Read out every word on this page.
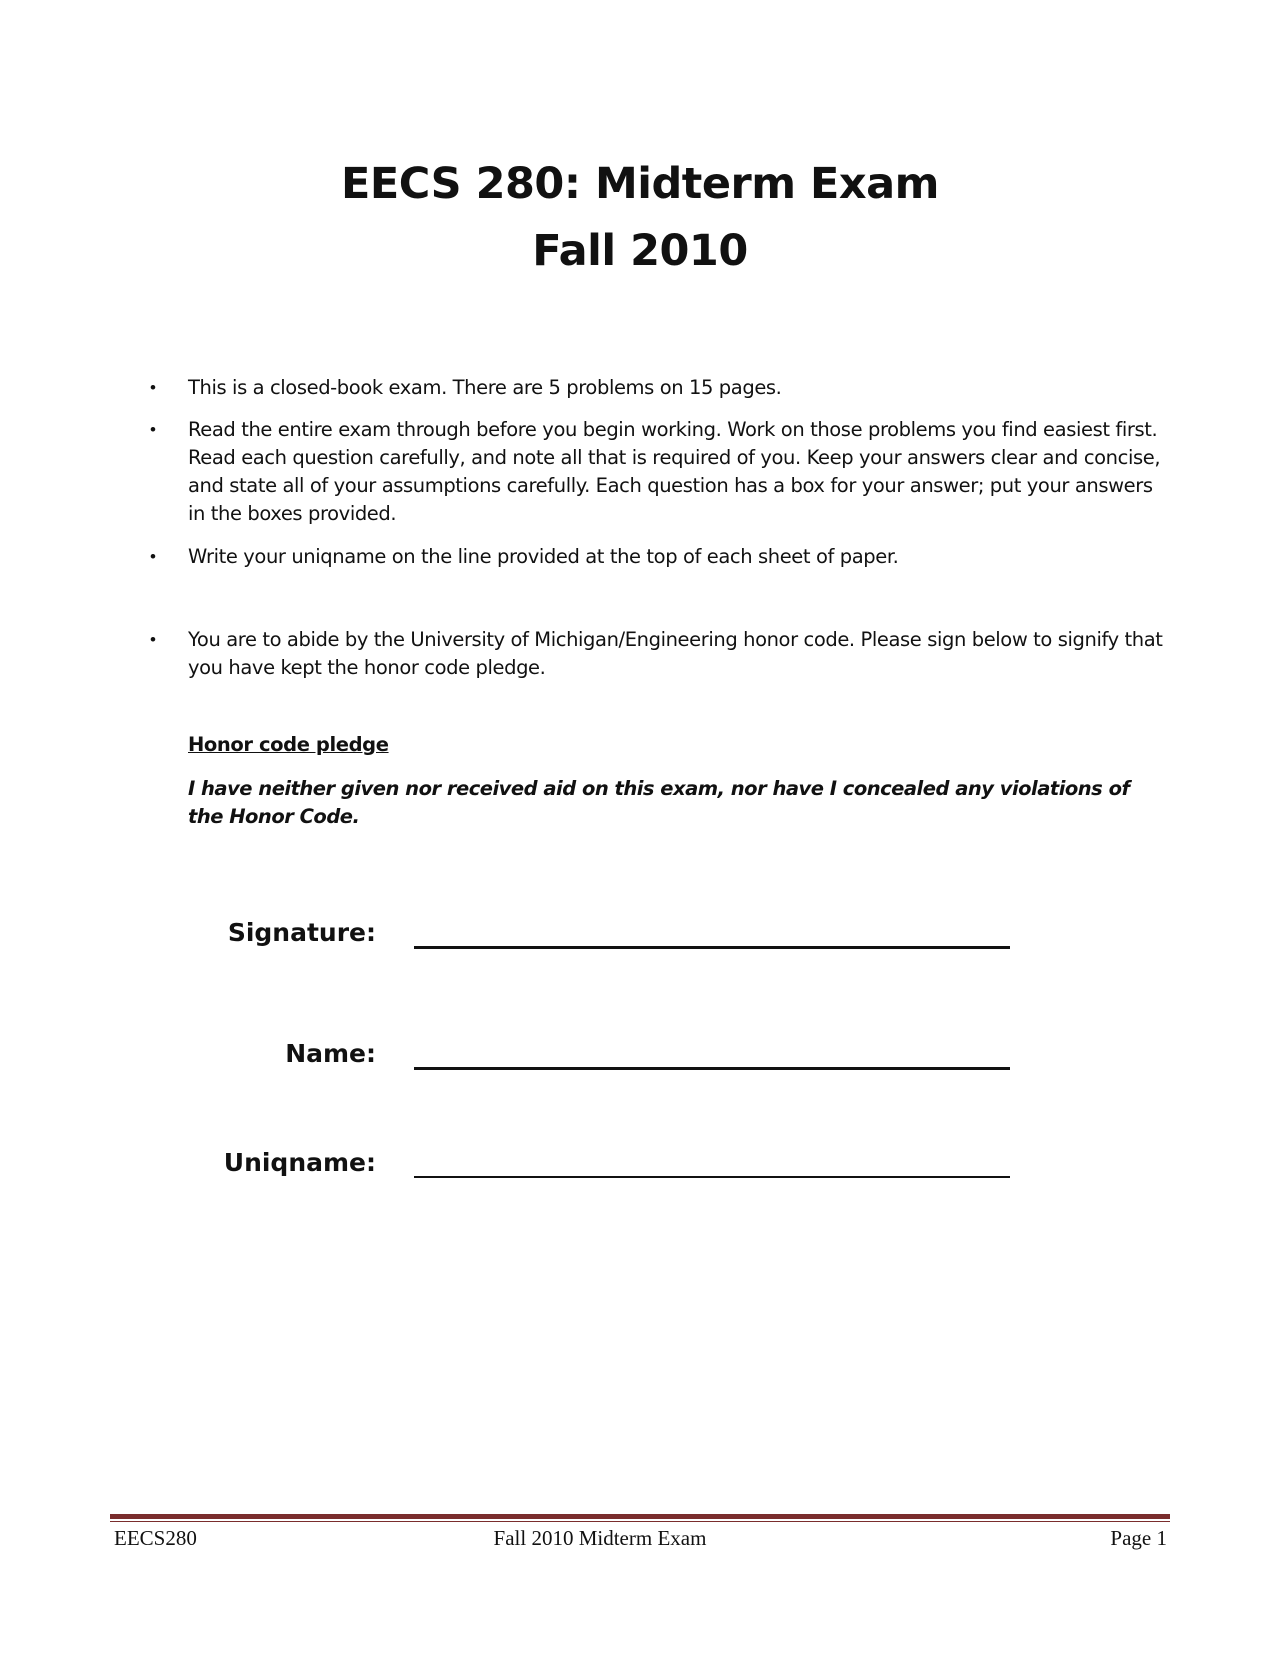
EECS 280: Midterm Exam
Fall 2010
• This is a closed-book exam. There are 5 problems on 15 pages.
• Read the entire exam through before you begin working. Work on those problems you find easiest first. Read each question carefully, and note all that is required of you. Keep your answers clear and concise, and state all of your assumptions carefully. Each question has a box for your answer; put your answers in the boxes provided.
• Write your uniqname on the line provided at the top of each sheet of paper.
• You are to abide by the University of Michigan/Engineering honor code. Please sign below to signify that you have kept the honor code pledge.
Honor code pledge
I have neither given nor received aid on this exam, nor have I concealed any violations of the Honor Code.
Signature:
Name:
Uniqname:
EECS280	Fall 2010 Midterm Exam	Page 1
